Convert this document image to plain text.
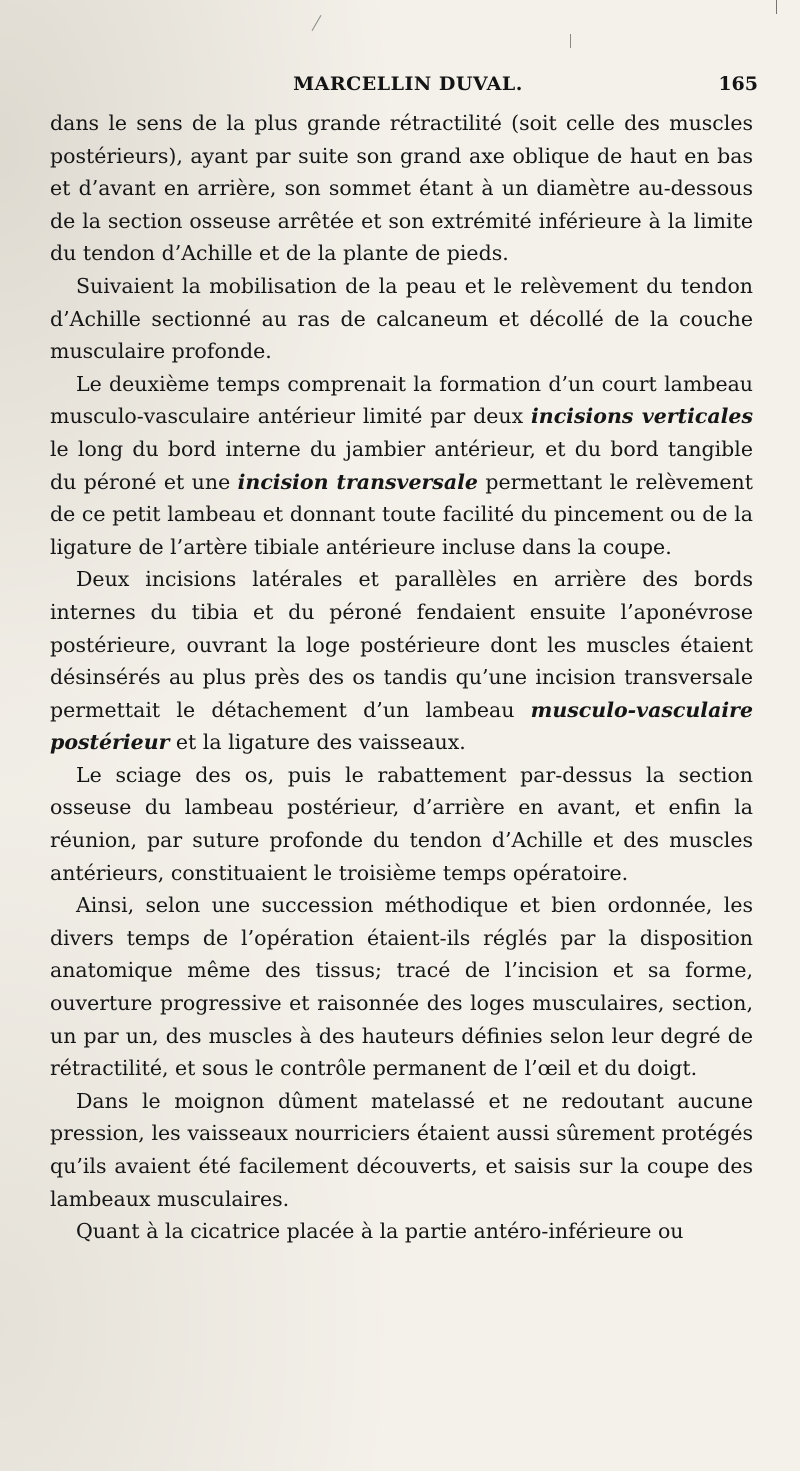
MARCELLIN DUVAL.	165

dans le sens de la plus grande rétractilité (soit celle des muscles postérieurs), ayant par suite son grand axe oblique de haut en bas et d’avant en arrière, son sommet étant à un diamètre au-dessous de la section osseuse arrêtée et son extrémité inférieure à la limite du tendon d’Achille et de la plante de pieds.

Suivaient la mobilisation de la peau et le relèvement du tendon d’Achille sectionné au ras de calcaneum et décollé de la couche musculaire profonde.

Le deuxième temps comprenait la formation d’un court lambeau musculo-vasculaire antérieur limité par deux incisions verticales le long du bord interne du jambier antérieur, et du bord tangible du péroné et une incision transversale permettant le relèvement de ce petit lambeau et donnant toute facilité du pincement ou de la ligature de l’artère tibiale antérieure incluse dans la coupe.

Deux incisions latérales et parallèles en arrière des bords internes du tibia et du péroné fendaient ensuite l’aponévrose postérieure, ouvrant la loge postérieure dont les muscles étaient désinsérés au plus près des os tandis qu’une incision transversale permettait le détachement d’un lambeau musculo-vasculaire postérieur et la ligature des vaisseaux.

Le sciage des os, puis le rabattement par-dessus la section osseuse du lambeau postérieur, d’arrière en avant, et enfin la réunion, par suture profonde du tendon d’Achille et des muscles antérieurs, constituaient le troisième temps opératoire.

Ainsi, selon une succession méthodique et bien ordonnée, les divers temps de l’opération étaient-ils réglés par la disposition anatomique même des tissus; tracé de l’incision et sa forme, ouverture progressive et raisonnée des loges musculaires, section, un par un, des muscles à des hauteurs définies selon leur degré de rétractilité, et sous le contrôle permanent de l’œil et du doigt.

Dans le moignon dûment matelassé et ne redoutant aucune pression, les vaisseaux nourriciers étaient aussi sûrement protégés qu’ils avaient été facilement découverts, et saisis sur la coupe des lambeaux musculaires.

Quant à la cicatrice placée à la partie antéro-inférieure ou
